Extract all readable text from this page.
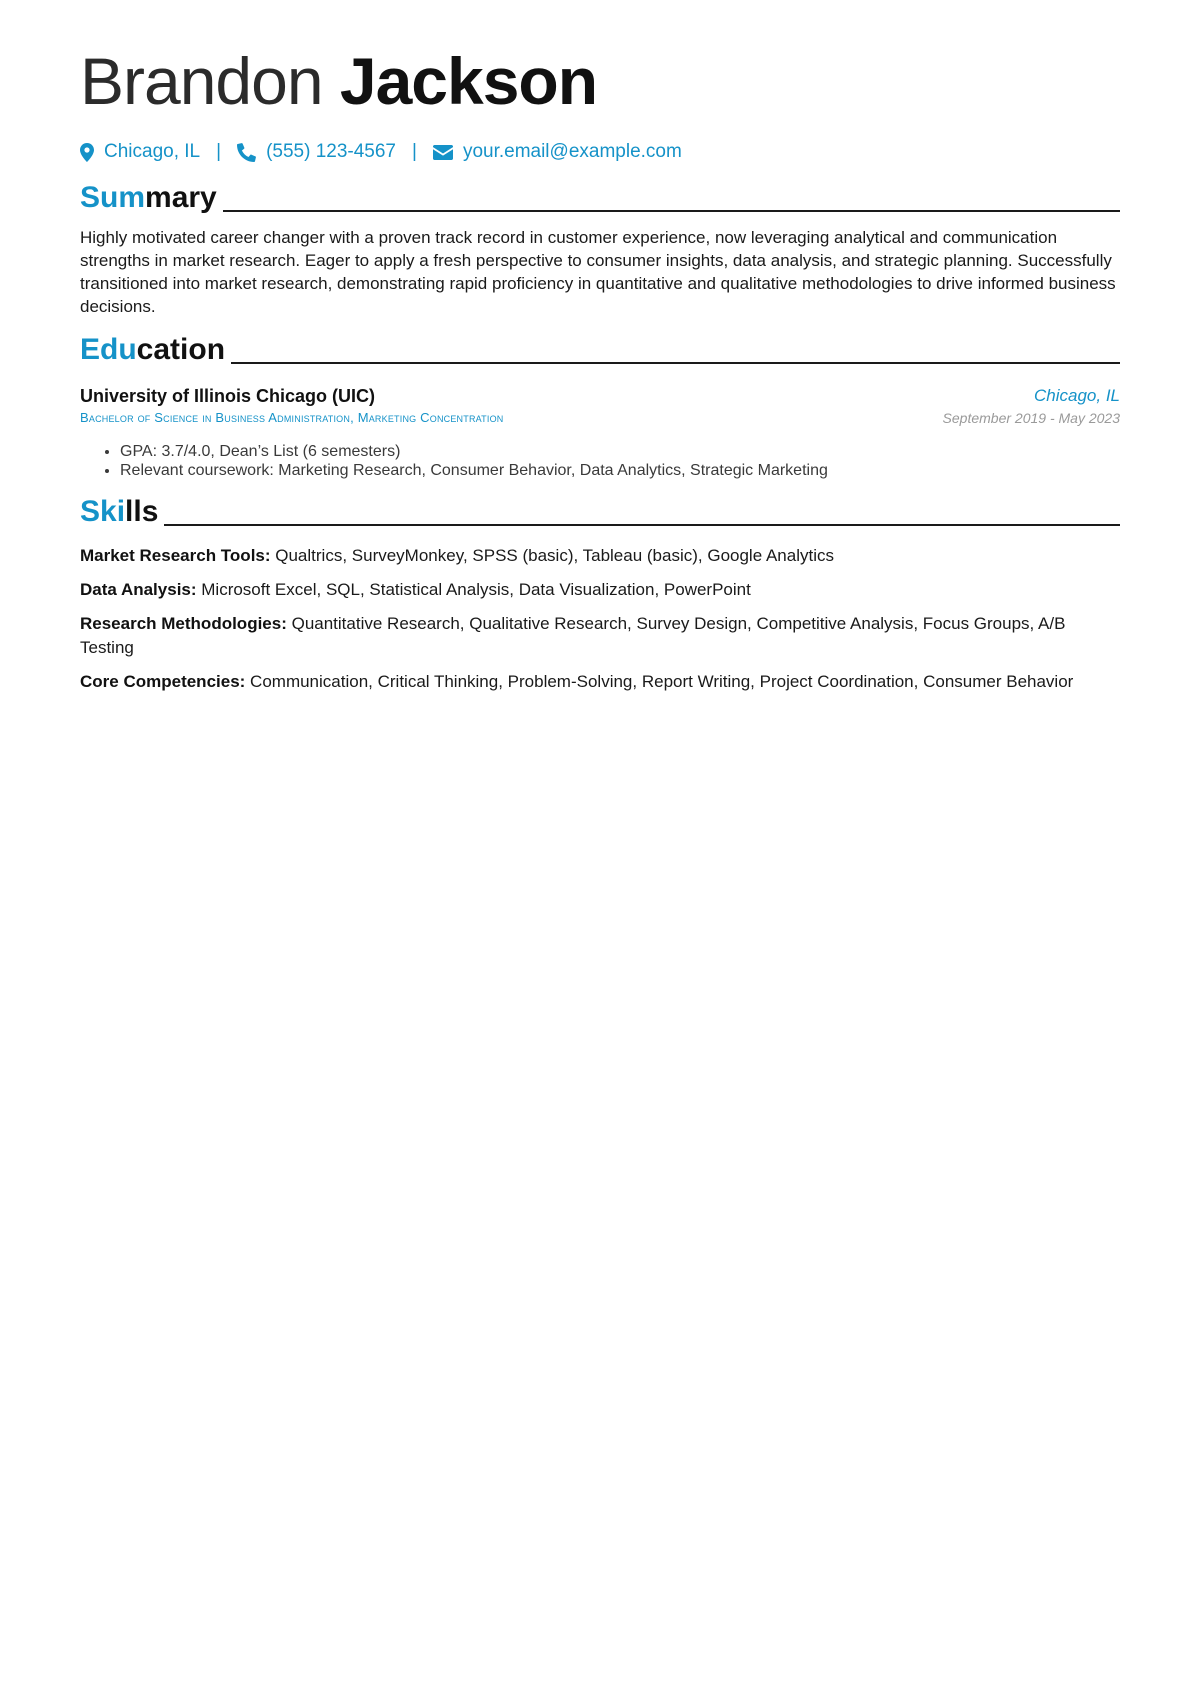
Brandon Jackson
Chicago, IL | (555) 123-4567 | your.email@example.com
Summary
Highly motivated career changer with a proven track record in customer experience, now leveraging analytical and communication strengths in market research. Eager to apply a fresh perspective to consumer insights, data analysis, and strategic planning. Successfully transitioned into market research, demonstrating rapid proficiency in quantitative and qualitative methodologies to drive informed business decisions.
Education
University of Illinois Chicago (UIC)
Bachelor of Science in Business Administration, Marketing Concentration
Chicago, IL
September 2019 - May 2023
• GPA: 3.7/4.0, Dean’s List (6 semesters)
• Relevant coursework: Marketing Research, Consumer Behavior, Data Analytics, Strategic Marketing
Skills
Market Research Tools: Qualtrics, SurveyMonkey, SPSS (basic), Tableau (basic), Google Analytics
Data Analysis: Microsoft Excel, SQL, Statistical Analysis, Data Visualization, PowerPoint
Research Methodologies: Quantitative Research, Qualitative Research, Survey Design, Competitive Analysis, Focus Groups, A/B Testing
Core Competencies: Communication, Critical Thinking, Problem-Solving, Report Writing, Project Coordination, Consumer Behavior
